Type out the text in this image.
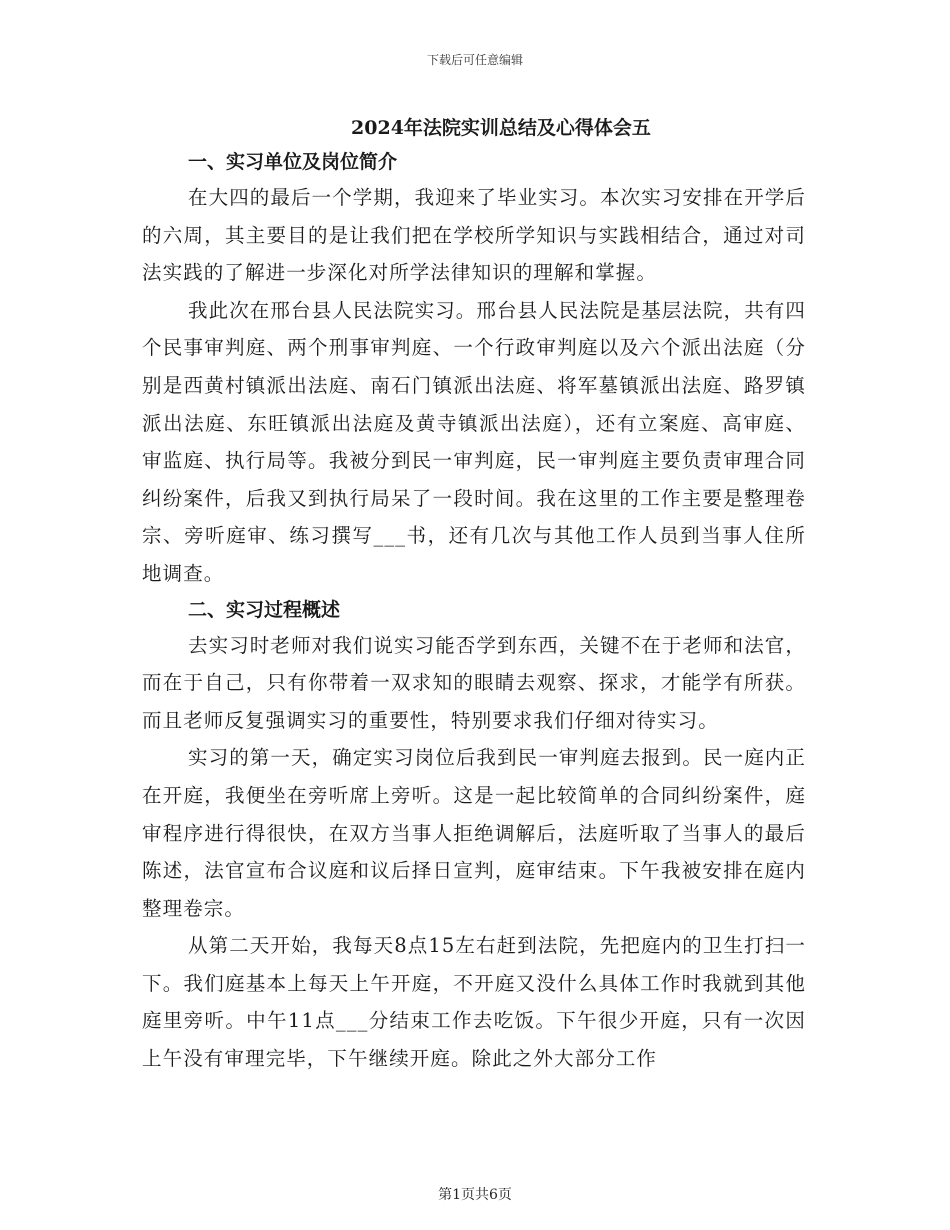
下载后可任意编辑
2024年法院实训总结及心得体会五
一、实习单位及岗位简介

在大四的最后一个学期，我迎来了毕业实习。本次实习安排在开学后的六周，其主要目的是让我们把在学校所学知识与实践相结合，通过对司法实践的了解进一步深化对所学法律知识的理解和掌握。

我此次在邢台县人民法院实习。邢台县人民法院是基层法院，共有四个民事审判庭、两个刑事审判庭、一个行政审判庭以及六个派出法庭（分别是西黄村镇派出法庭、南石门镇派出法庭、将军墓镇派出法庭、路罗镇派出法庭、东旺镇派出法庭及黄寺镇派出法庭），还有立案庭、高审庭、审监庭、执行局等。我被分到民一审判庭，民一审判庭主要负责审理合同纠纷案件，后我又到执行局呆了一段时间。我在这里的工作主要是整理卷宗、旁听庭审、练习撰写___书，还有几次与其他工作人员到当事人住所地调查。

二、实习过程概述

去实习时老师对我们说实习能否学到东西，关键不在于老师和法官，而在于自己，只有你带着一双求知的眼睛去观察、探求，才能学有所获。而且老师反复强调实习的重要性，特别要求我们仔细对待实习。

实习的第一天，确定实习岗位后我到民一审判庭去报到。民一庭内正在开庭，我便坐在旁听席上旁听。这是一起比较简单的合同纠纷案件，庭审程序进行得很快，在双方当事人拒绝调解后，法庭听取了当事人的最后陈述，法官宣布合议庭和议后择日宣判，庭审结束。下午我被安排在庭内整理卷宗。

从第二天开始，我每天8点15左右赶到法院，先把庭内的卫生打扫一下。我们庭基本上每天上午开庭，不开庭又没什么具体工作时我就到其他庭里旁听。中午11点___分结束工作去吃饭。下午很少开庭，只有一次因上午没有审理完毕，下午继续开庭。除此之外大部分工作

第1页共6页
